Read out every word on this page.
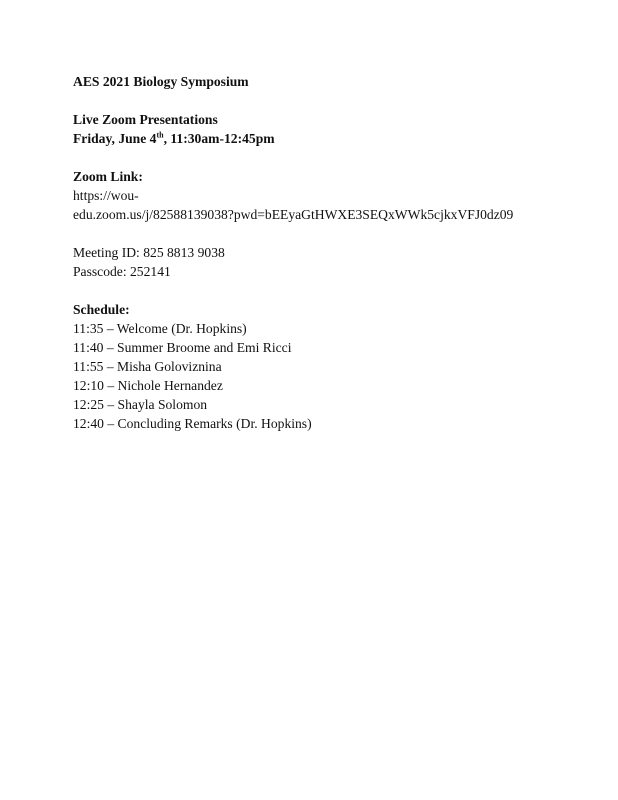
AES 2021 Biology Symposium
Live Zoom Presentations
Friday, June 4th, 11:30am-12:45pm
Zoom Link:
https://wou-
edu.zoom.us/j/82588139038?pwd=bEEyaGtHWXE3SEQxWWk5cjkxVFJ0dz09
Meeting ID: 825 8813 9038
Passcode: 252141
Schedule:
11:35 – Welcome (Dr. Hopkins)
11:40 – Summer Broome and Emi Ricci
11:55 – Misha Goloviznina
12:10 – Nichole Hernandez
12:25 – Shayla Solomon
12:40 – Concluding Remarks (Dr. Hopkins)
